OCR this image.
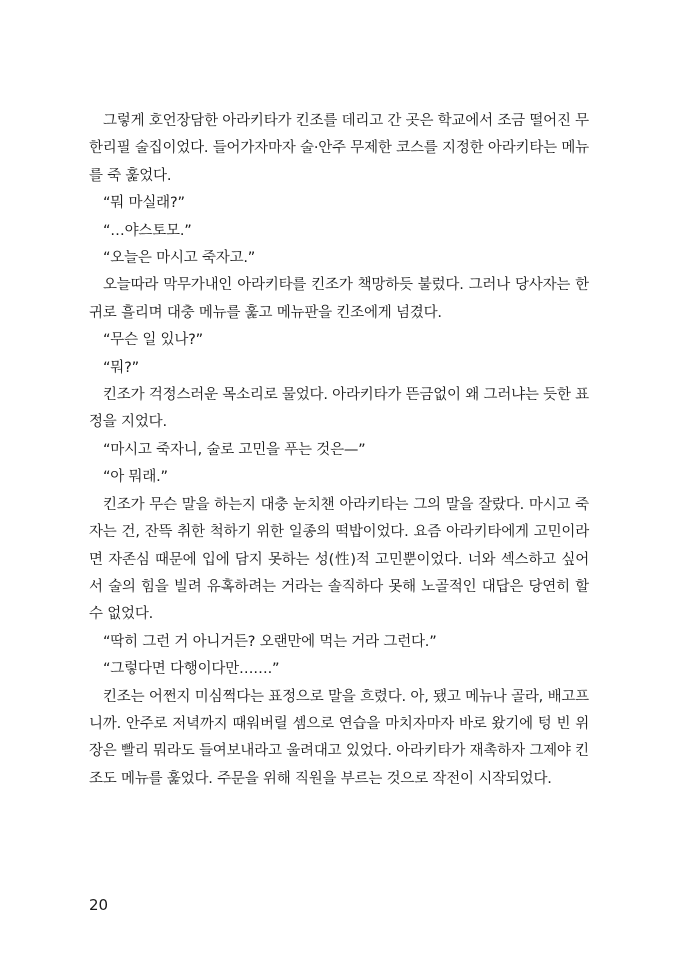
그렇게 호언장담한 아라키타가 킨조를 데리고 간 곳은 학교에서 조금 떨어진 무한리필 술집이었다. 들어가자마자 술·안주 무제한 코스를 지정한 아라키타는 메뉴를 죽 훑었다.

“뭐 마실래?”

“…야스토모.”

“오늘은 마시고 죽자고.”

오늘따라 막무가내인 아라키타를 킨조가 책망하듯 불렀다. 그러나 당사자는 한 귀로 흘리며 대충 메뉴를 훑고 메뉴판을 킨조에게 넘겼다.

“무슨 일 있나?”

“뭐?”

킨조가 걱정스러운 목소리로 물었다. 아라키타가 뜬금없이 왜 그러냐는 듯한 표정을 지었다.

“마시고 죽자니, 술로 고민을 푸는 것은—”

“아 뭐래.”

킨조가 무슨 말을 하는지 대충 눈치챈 아라키타는 그의 말을 잘랐다. 마시고 죽자는 건, 잔뜩 취한 척하기 위한 일종의 떡밥이었다. 요즘 아라키타에게 고민이라면 자존심 때문에 입에 담지 못하는 성(性)적 고민뿐이었다. 너와 섹스하고 싶어서 술의 힘을 빌려 유혹하려는 거라는 솔직하다 못해 노골적인 대답은 당연히 할 수 없었다.

“딱히 그런 거 아니거든? 오랜만에 먹는 거라 그런다.”

“그렇다면 다행이다만…….”

킨조는 어쩐지 미심쩍다는 표정으로 말을 흐렸다. 아, 됐고 메뉴나 골라, 배고프니까. 안주로 저녁까지 때워버릴 셈으로 연습을 마치자마자 바로 왔기에 텅 빈 위장은 빨리 뭐라도 들여보내라고 울려대고 있었다. 아라키타가 재촉하자 그제야 킨조도 메뉴를 훑었다. 주문을 위해 직원을 부르는 것으로 작전이 시작되었다.

20
